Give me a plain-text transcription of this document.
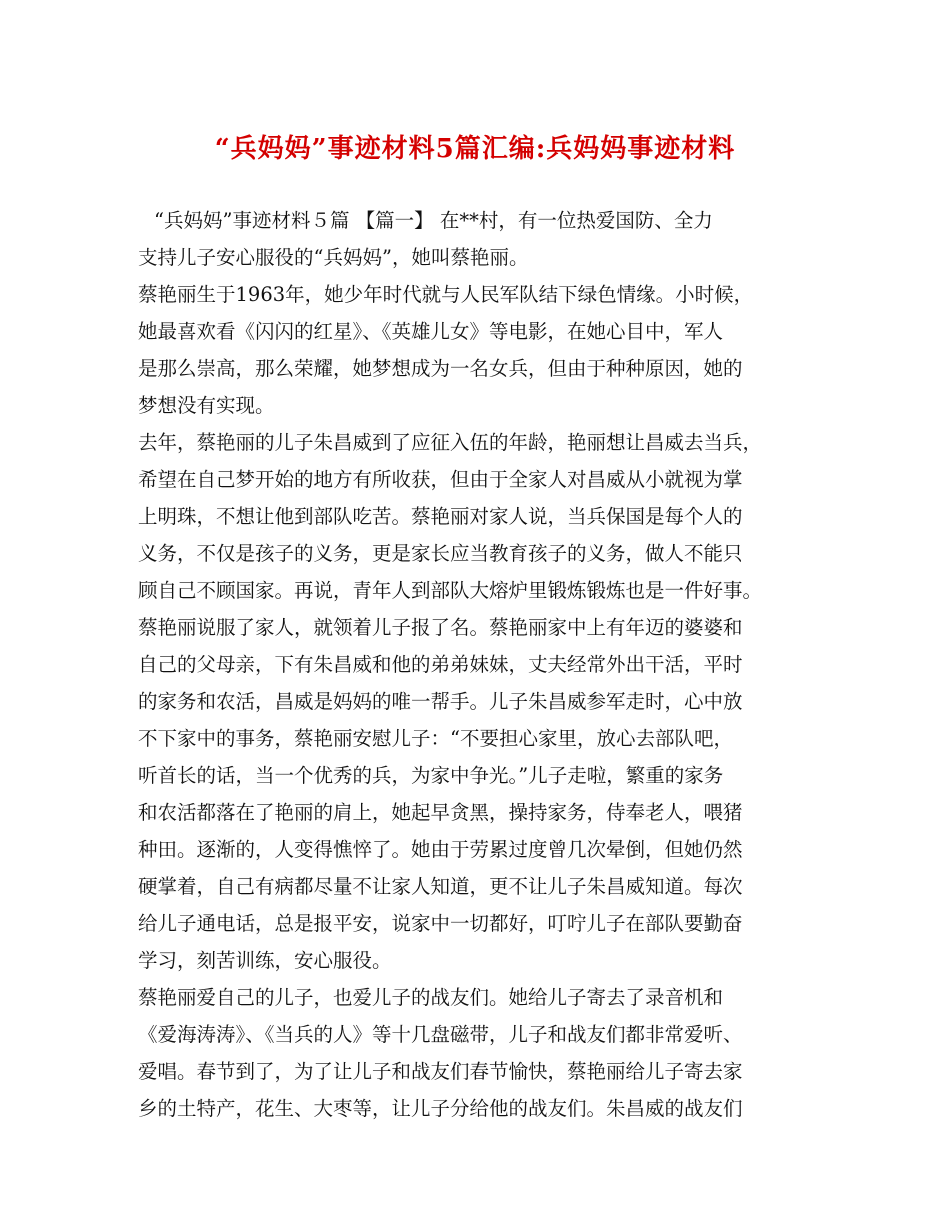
“兵妈妈”事迹材料5篇汇编:兵妈妈事迹材料
“兵妈妈”事迹材料５篇 【篇一】 在**村，有一位热爱国防、全力
支持儿子安心服役的“兵妈妈”，她叫蔡艳丽。
蔡艳丽生于1963年，她少年时代就与人民军队结下绿色情缘。小时候，
她最喜欢看《闪闪的红星》、《英雄儿女》等电影，在她心目中，军人
是那么崇高，那么荣耀，她梦想成为一名女兵，但由于种种原因，她的
梦想没有实现。
去年，蔡艳丽的儿子朱昌威到了应征入伍的年龄，艳丽想让昌威去当兵，
希望在自己梦开始的地方有所收获，但由于全家人对昌威从小就视为掌
上明珠，不想让他到部队吃苦。蔡艳丽对家人说，当兵保国是每个人的
义务，不仅是孩子的义务，更是家长应当教育孩子的义务，做人不能只
顾自己不顾国家。再说，青年人到部队大熔炉里锻炼锻炼也是一件好事。
蔡艳丽说服了家人，就领着儿子报了名。蔡艳丽家中上有年迈的婆婆和
自己的父母亲，下有朱昌威和他的弟弟妹妹，丈夫经常外出干活，平时
的家务和农活，昌威是妈妈的唯一帮手。儿子朱昌威参军走时，心中放
不下家中的事务，蔡艳丽安慰儿子：“不要担心家里，放心去部队吧，
听首长的话，当一个优秀的兵，为家中争光。”儿子走啦，繁重的家务
和农活都落在了艳丽的肩上，她起早贪黑，操持家务，侍奉老人，喂猪
种田。逐渐的，人变得憔悴了。她由于劳累过度曾几次晕倒，但她仍然
硬掌着，自己有病都尽量不让家人知道，更不让儿子朱昌威知道。每次
给儿子通电话，总是报平安，说家中一切都好，叮咛儿子在部队要勤奋
学习，刻苦训练，安心服役。
蔡艳丽爱自己的儿子，也爱儿子的战友们。她给儿子寄去了录音机和
《爱海涛涛》、《当兵的人》等十几盘磁带，儿子和战友们都非常爱听、
爱唱。春节到了，为了让儿子和战友们春节愉快，蔡艳丽给儿子寄去家
乡的土特产，花生、大枣等，让儿子分给他的战友们。朱昌威的战友们
